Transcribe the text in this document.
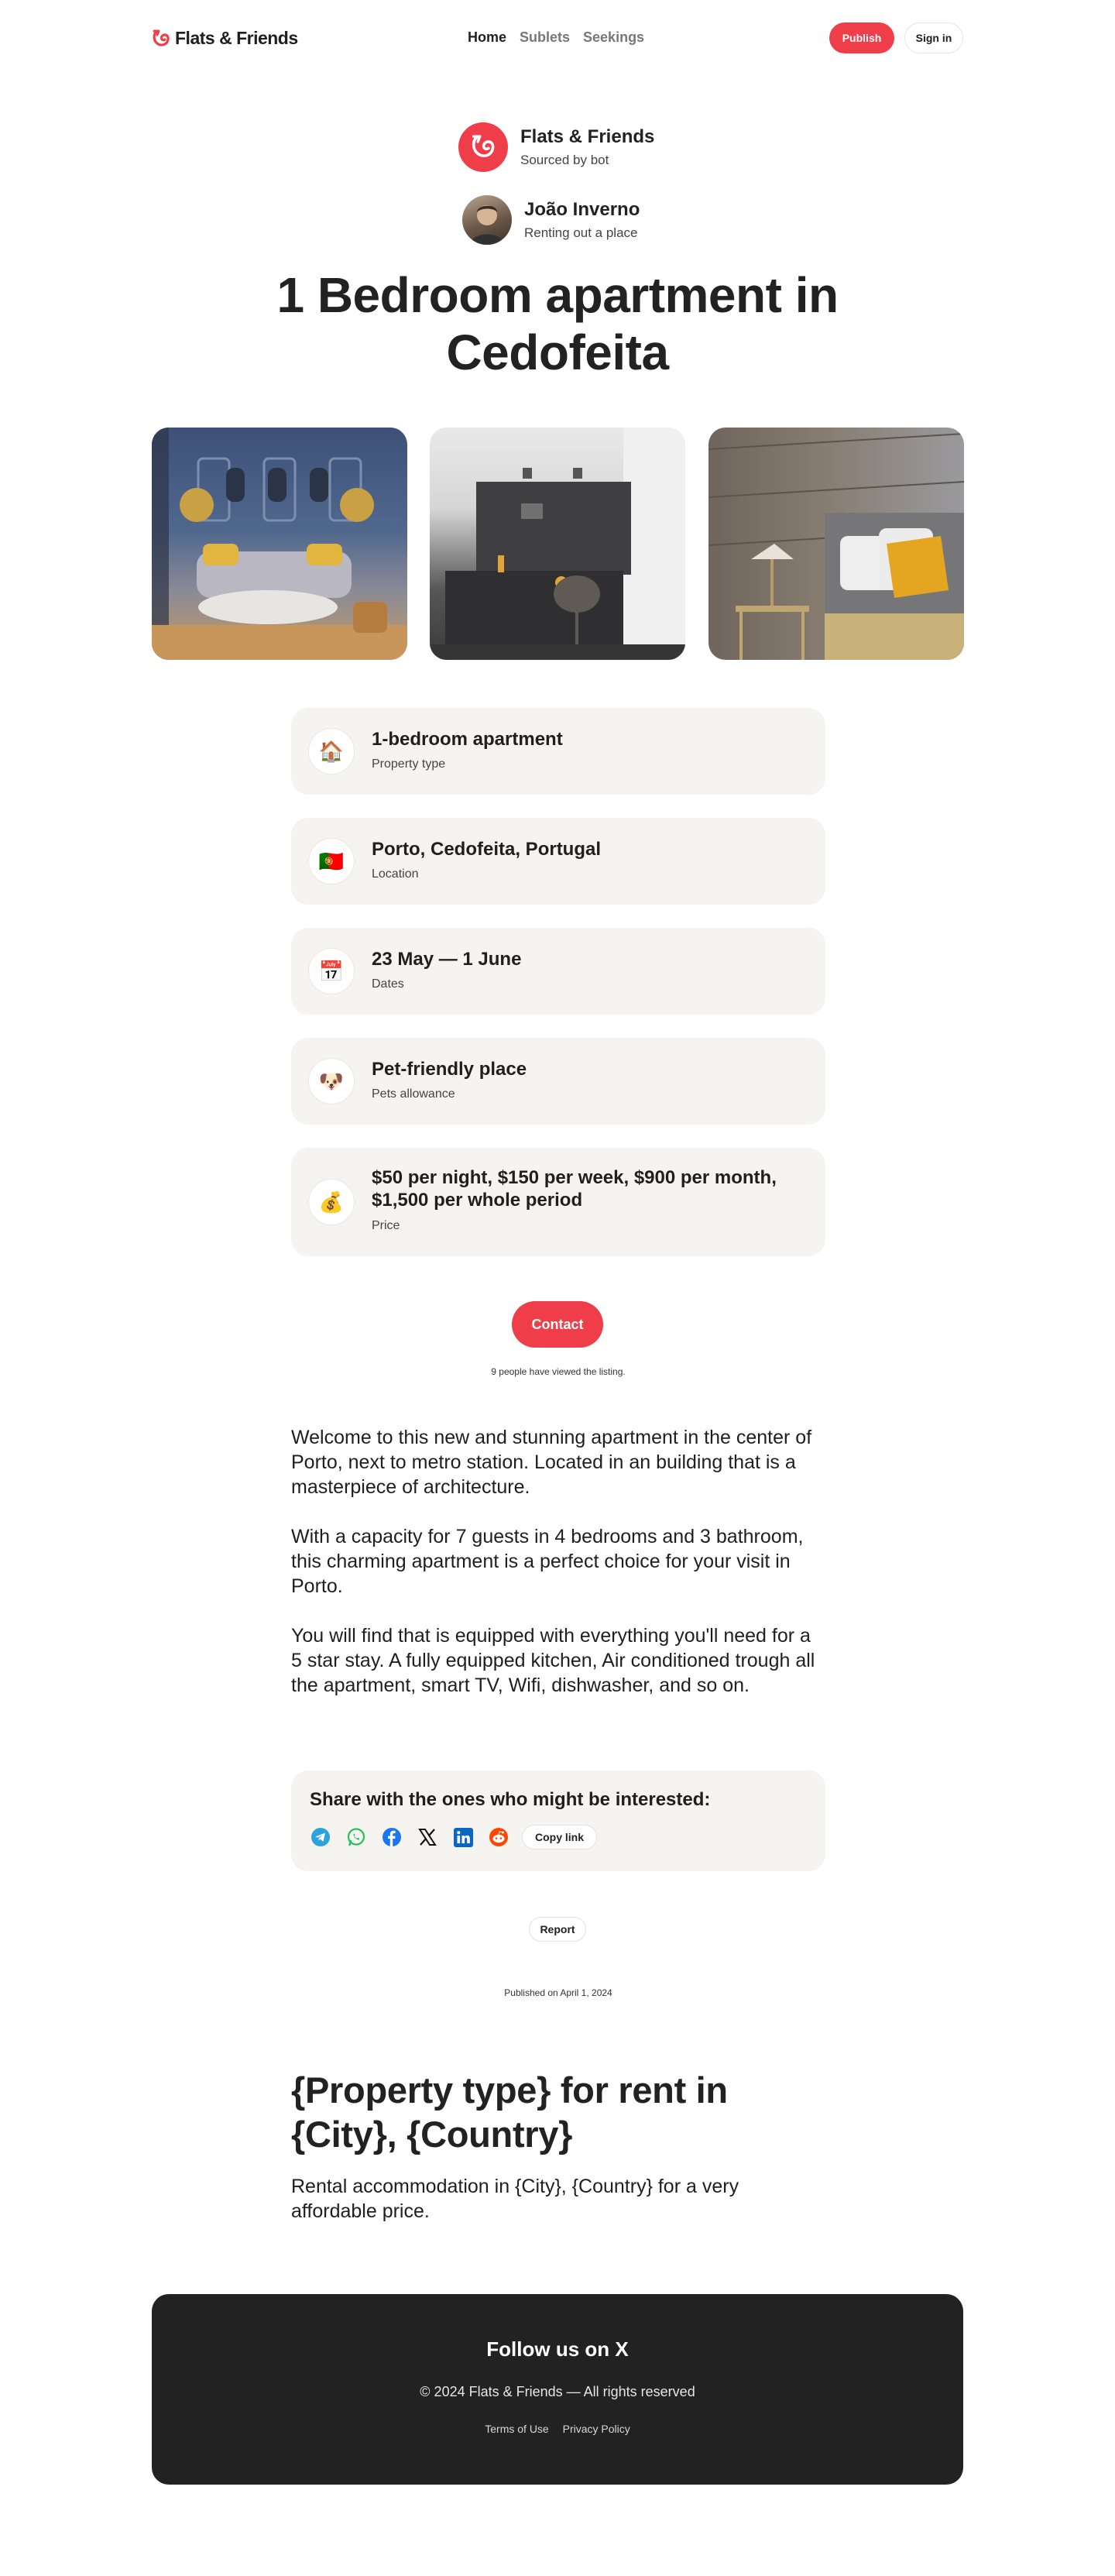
Flats & Friends	Home Sublets Seekings	Publish	Sign in
Flats & Friends
Sourced by bot
João Inverno
Renting out a place
1 Bedroom apartment in
Cedofeita
🏠	1-bedroom apartment
Property type
🇵🇹	Porto, Cedofeita, Portugal
Location
📅	23 May — 1 June
Dates
🐶	Pet-friendly place
Pets allowance
💰
$50 per night, $150 per week, $900 per month, $1,500 per whole period
Price
Contact
9 people have viewed the listing.

Welcome to this new and stunning apartment in the center of Porto, next to metro station. Located in an building that is a masterpiece of architecture.

With a capacity for 7 guests in 4 bedrooms and 3 bathroom, this charming apartment is a perfect choice for your visit in Porto.

You will find that is equipped with everything you'll need for a 5 star stay. A fully equipped kitchen, Air conditioned trough all the apartment, smart TV, Wifi, dishwasher, and so on.

Share with the ones who might be interested:
Copy link
Report
Published on April 1, 2024
{Property type} for rent in
{City}, {Country}

Rental accommodation in {City}, {Country} for a very affordable price.

Follow us on X
© 2024 Flats & Friends — All rights reserved
Terms of Use Privacy Policy
